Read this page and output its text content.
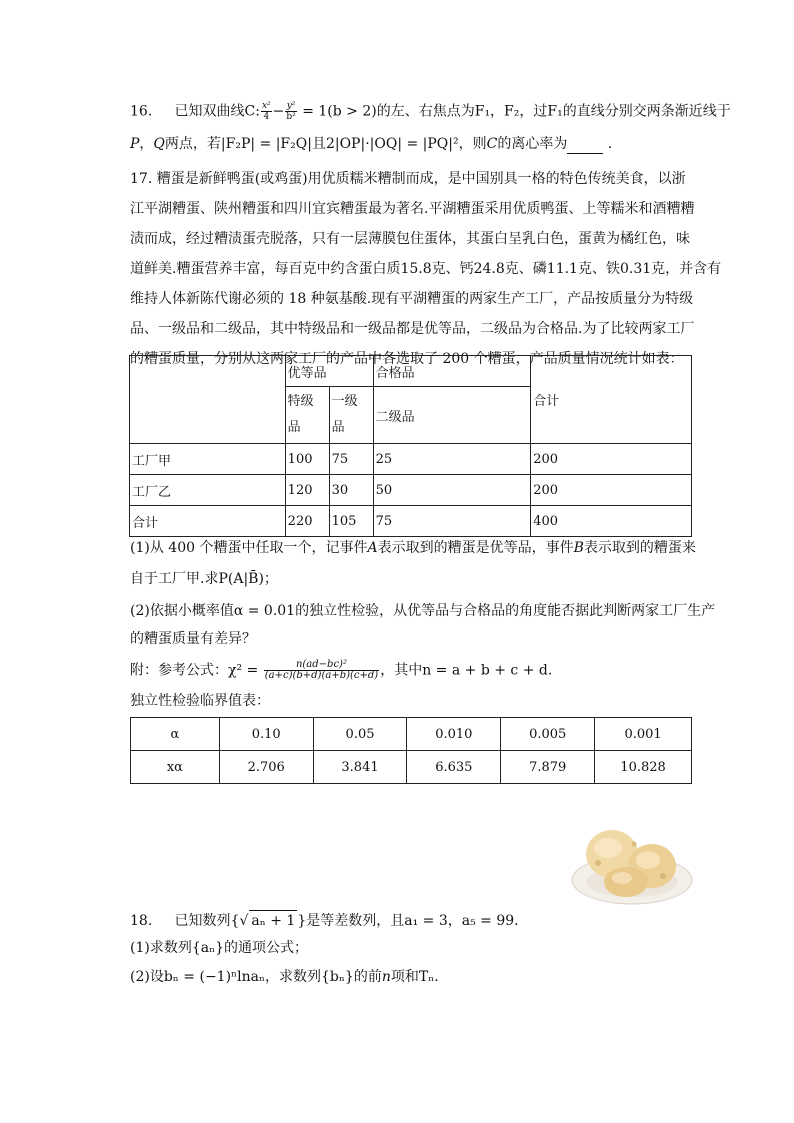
16. 已知双曲线C: $\frac{\text{x²}}{4} - \frac{\text{y²}}{\text{b²}} = 1(b > 2)$的左、右焦点为F₁，F₂，过F₁的直线分别交两条渐近线于
P，Q两点，若|F₂P| = |F₂Q|且2|OP|·|OQ| = |PQ|²，则C的离心率为	.
17. 糟蛋是新鲜鸭蛋(或鸡蛋)用优质糯米糟制而成，是中国别具一格的特色传统美食，以浙
江平湖糟蛋、陕州糟蛋和四川宜宾糟蛋最为著名.平湖糟蛋采用优质鸭蛋、上等糯米和酒糟糟
渍而成，经过糟渍蛋壳脱落，只有一层薄膜包住蛋体，其蛋白呈乳白色，蛋黄为橘红色，味
道鲜美.糟蛋营养丰富，每百克中约含蛋白质15.8克、钙24.8克、磷11.1克、铁0.31克，并含有
维持人体新陈代谢必须的 18 种氨基酸.现有平湖糟蛋的两家生产工厂，产品按质量分为特级
品、一级品和二级品，其中特级品和一级品都是优等品，二级品为合格品.为了比较两家工厂
的糟蛋质量，分别从这两家工厂的产品中各选取了 200 个糟蛋，产品质量情况统计如表：
	优等品		合格品	合计
	特级品	一级品	二级品	
工厂甲	100	75	25	200
工厂乙	120	30	50	200
合计	220	105	75	400
(1)从 400 个糟蛋中任取一个，记事件A表示取到的糟蛋是优等品，事件B表示取到的糟蛋来
自于工厂甲.求P(A|B̄)；
(2)依据小概率值α = 0.01的独立性检验，从优等品与合格品的角度能否据此判断两家工厂生产
的糟蛋质量有差异？
附：参考公式：$\chi^2 = \frac{\text{n(ad−bc)²}}{(a+c)(b+d)(a+b)(c+d)}$ ，其中n = a + b + c + d.
独立性检验临界值表：
α	0.10	0.05	0.010	0.005	0.001
xα	2.706	3.841	6.635	7.879	10.828
18. 已知数列{√ aₙ + 1 }是等差数列，且a₁ = 3，a₅ = 99.
(1)求数列{aₙ}的通项公式；
(2)设bₙ = (−1)ⁿlnaₙ，求数列{bₙ}的前n项和Tₙ.
